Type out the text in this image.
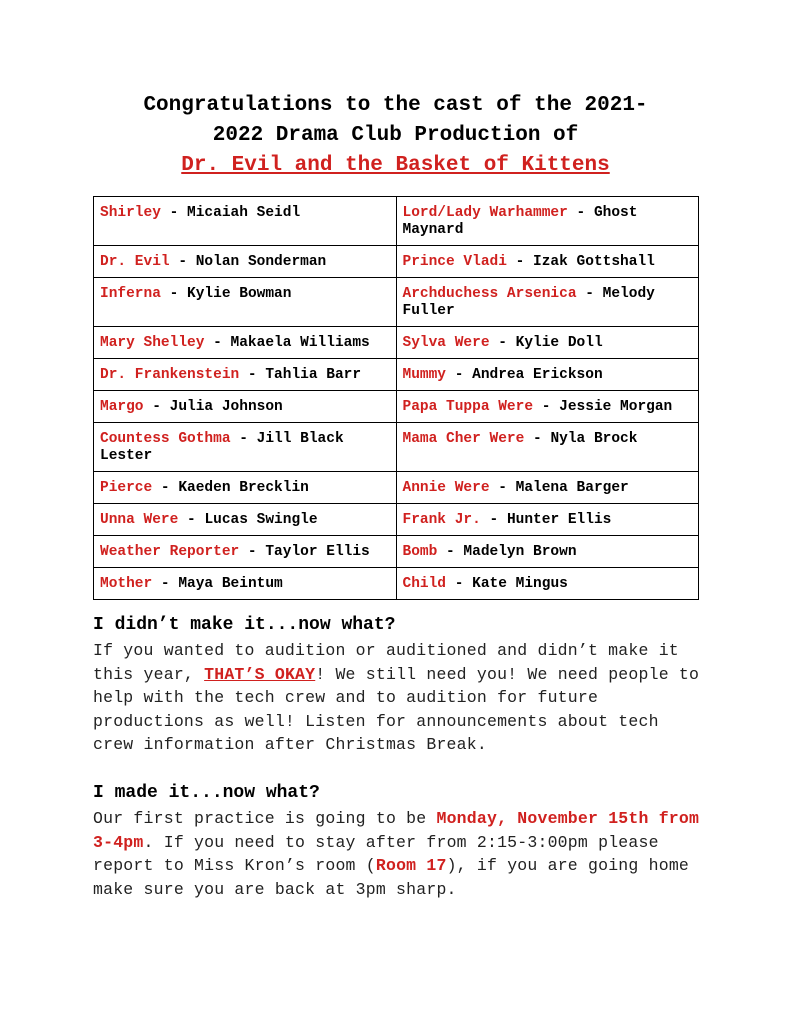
Congratulations to the cast of the 2021-
2022 Drama Club Production of
Dr. Evil and the Basket of Kittens
Shirley - Micaiah Seidl	Lord/Lady Warhammer - Ghost Maynard
Dr. Evil - Nolan Sonderman	Prince Vladi - Izak Gottshall
Inferna - Kylie Bowman	Archduchess Arsenica - Melody Fuller
Mary Shelley - Makaela Williams	Sylva Were - Kylie Doll
Dr. Frankenstein - Tahlia Barr	Mummy - Andrea Erickson
Margo - Julia Johnson	Papa Tuppa Were - Jessie Morgan
Countess Gothma - Jill Black Lester	Mama Cher Were - Nyla Brock
Pierce - Kaeden Brecklin	Annie Were - Malena Barger
Unna Were - Lucas Swingle	Frank Jr. - Hunter Ellis
Weather Reporter - Taylor Ellis	Bomb - Madelyn Brown
Mother - Maya Beintum	Child - Kate Mingus
I didn’t make it...now what?
If you wanted to audition or auditioned and didn’t make it this year, THAT’S OKAY! We still need you! We need people to help with the tech crew and to audition for future productions as well! Listen for announcements about tech crew information after Christmas Break.
I made it...now what?
Our first practice is going to be Monday, November 15th from 3-4pm. If you need to stay after from 2:15-3:00pm please report to Miss Kron’s room (Room 17), if you are going home make sure you are back at 3pm sharp.
